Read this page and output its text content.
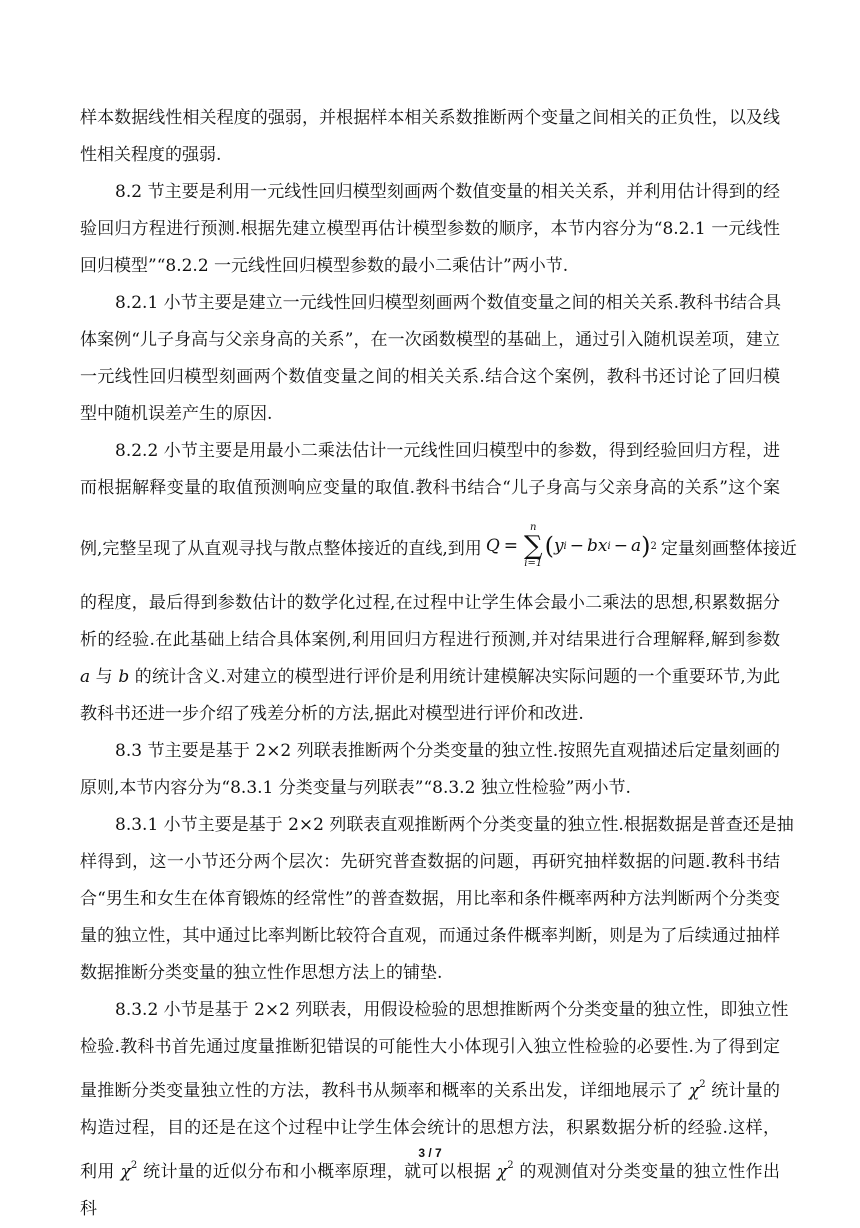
样本数据线性相关程度的强弱，并根据样本相关系数推断两个变量之间相关的正负性，以及线

性相关程度的强弱.

8.2 节主要是利用一元线性回归模型刻画两个数值变量的相关关系，并利用估计得到的经

验回归方程进行预测.根据先建立模型再估计模型参数的顺序，本节内容分为“8.2.1 一元线性

回归模型”“8.2.2 一元线性回归模型参数的最小二乘估计”两小节.

8.2.1 小节主要是建立一元线性回归模型刻画两个数值变量之间的相关关系.教科书结合具

体案例“儿子身高与父亲身高的关系”，在一次函数模型的基础上，通过引入随机误差项，建立

一元线性回归模型刻画两个数值变量之间的相关关系.结合这个案例，教科书还讨论了回归模

型中随机误差产生的原因.

8.2.2 小节主要是用最小二乘法估计一元线性回归模型中的参数，得到经验回归方程，进

而根据解释变量的取值预测响应变量的取值.教科书结合“儿子身高与父亲身高的关系”这个案

例,完整呈现了从直观寻找与散点整体接近的直线,到用 Q =
n
∑
i=1
( y i − bx i − a ) 2 定量刻画整体接近

的程度，最后得到参数估计的数学化过程,在过程中让学生体会最小二乘法的思想,积累数据分

析的经验.在此基础上结合具体案例,利用回归方程进行预测,并对结果进行合理解释,解到参数

a 与 b 的统计含义.对建立的模型进行评价是利用统计建模解决实际问题的一个重要环节,为此

教科书还进一步介绍了残差分析的方法,据此对模型进行评价和改进.

8.3 节主要是基于 2×2 列联表推断两个分类变量的独立性.按照先直观描述后定量刻画的

原则,本节内容分为“8.3.1 分类变量与列联表”“8.3.2 独立性检验”两小节.

8.3.1 小节主要是基于 2×2 列联表直观推断两个分类变量的独立性.根据数据是普查还是抽

样得到，这一小节还分两个层次：先研究普查数据的问题，再研究抽样数据的问题.教科书结

合“男生和女生在体育锻炼的经常性”的普查数据，用比率和条件概率两种方法判断两个分类变

量的独立性，其中通过比率判断比较符合直观，而通过条件概率判断，则是为了后续通过抽样

数据推断分类变量的独立性作思想方法上的铺垫.

8.3.2 小节是基于 2×2 列联表，用假设检验的思想推断两个分类变量的独立性，即独立性

检验.教科书首先通过度量推断犯错误的可能性大小体现引入独立性检验的必要性.为了得到定

量推断分类变量独立性的方法，教科书从频率和概率的关系出发，详细地展示了 $\chi^2$ 统计量的

构造过程，目的还是在这个过程中让学生体会统计的思想方法，积累数据分析的经验.这样，

利用 $\chi^2$ 统计量的近似分布和小概率原理，就可以根据 $\chi^2$ 的观测值对分类变量的独立性作出科

3 / 7
